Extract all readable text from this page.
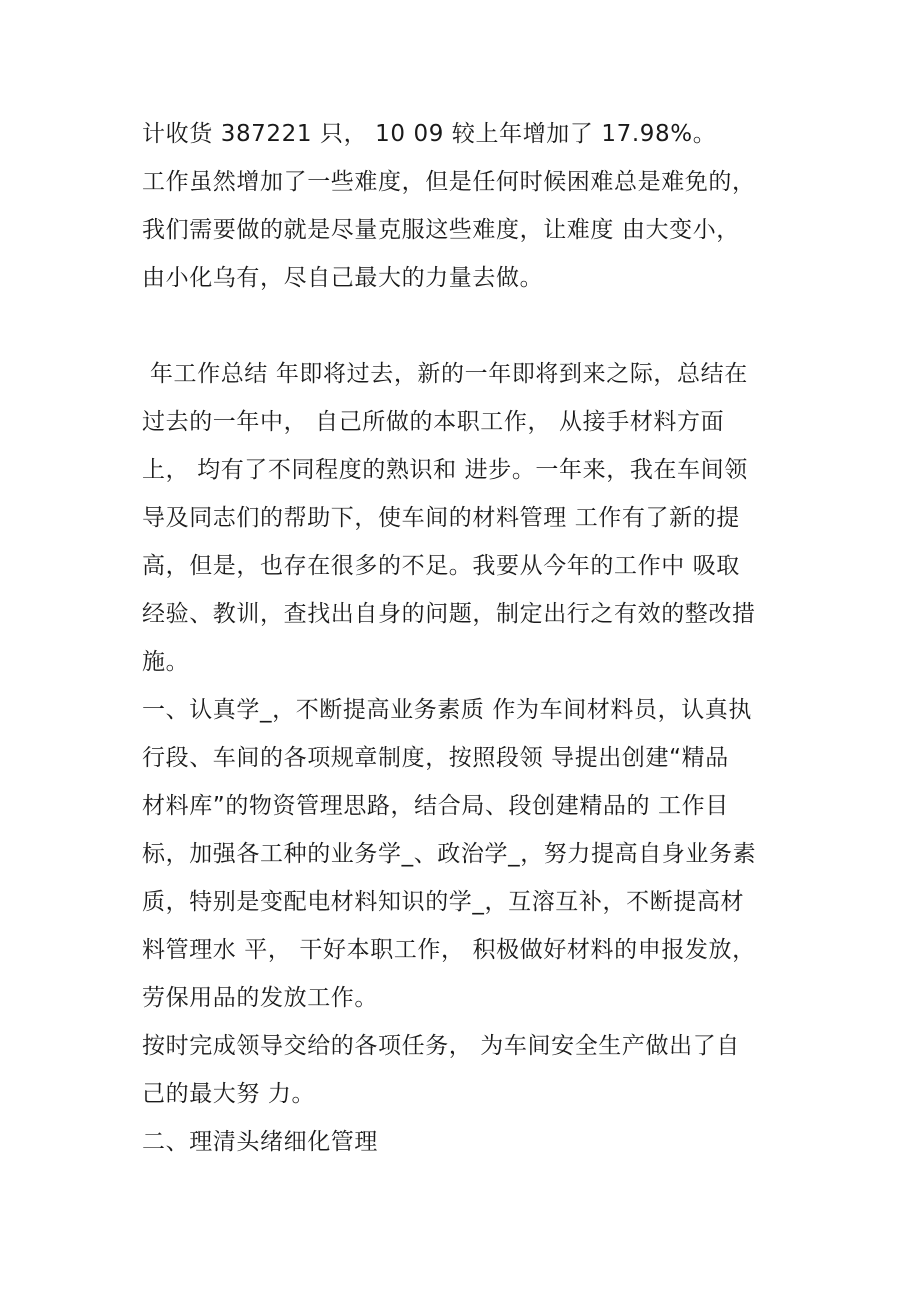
计收货 387221 只， 10 09 较上年增加了 17.98%。
工作虽然增加了一些难度，但是任何时候困难总是难免的，
我们需要做的就是尽量克服这些难度，让难度 由大变小，
由小化乌有，尽自己最大的力量去做。
年工作总结 年即将过去，新的一年即将到来之际，总结在
过去的一年中， 自己所做的本职工作， 从接手材料方面
上， 均有了不同程度的熟识和 进步。一年来，我在车间领
导及同志们的帮助下，使车间的材料管理 工作有了新的提
高，但是，也存在很多的不足。我要从今年的工作中 吸取
经验、教训，查找出自身的问题，制定出行之有效的整改措
施。
一、认真学_，不断提高业务素质 作为车间材料员，认真执
行段、车间的各项规章制度，按照段领 导提出创建“精品
材料库”的物资管理思路，结合局、段创建精品的 工作目
标，加强各工种的业务学_、政治学_，努力提高自身业务素
质，特别是变配电材料知识的学_，互溶互补，不断提高材
料管理水 平， 干好本职工作， 积极做好材料的申报发放，
劳保用品的发放工作。
按时完成领导交给的各项任务， 为车间安全生产做出了自
己的最大努 力。
二、理清头绪细化管理
